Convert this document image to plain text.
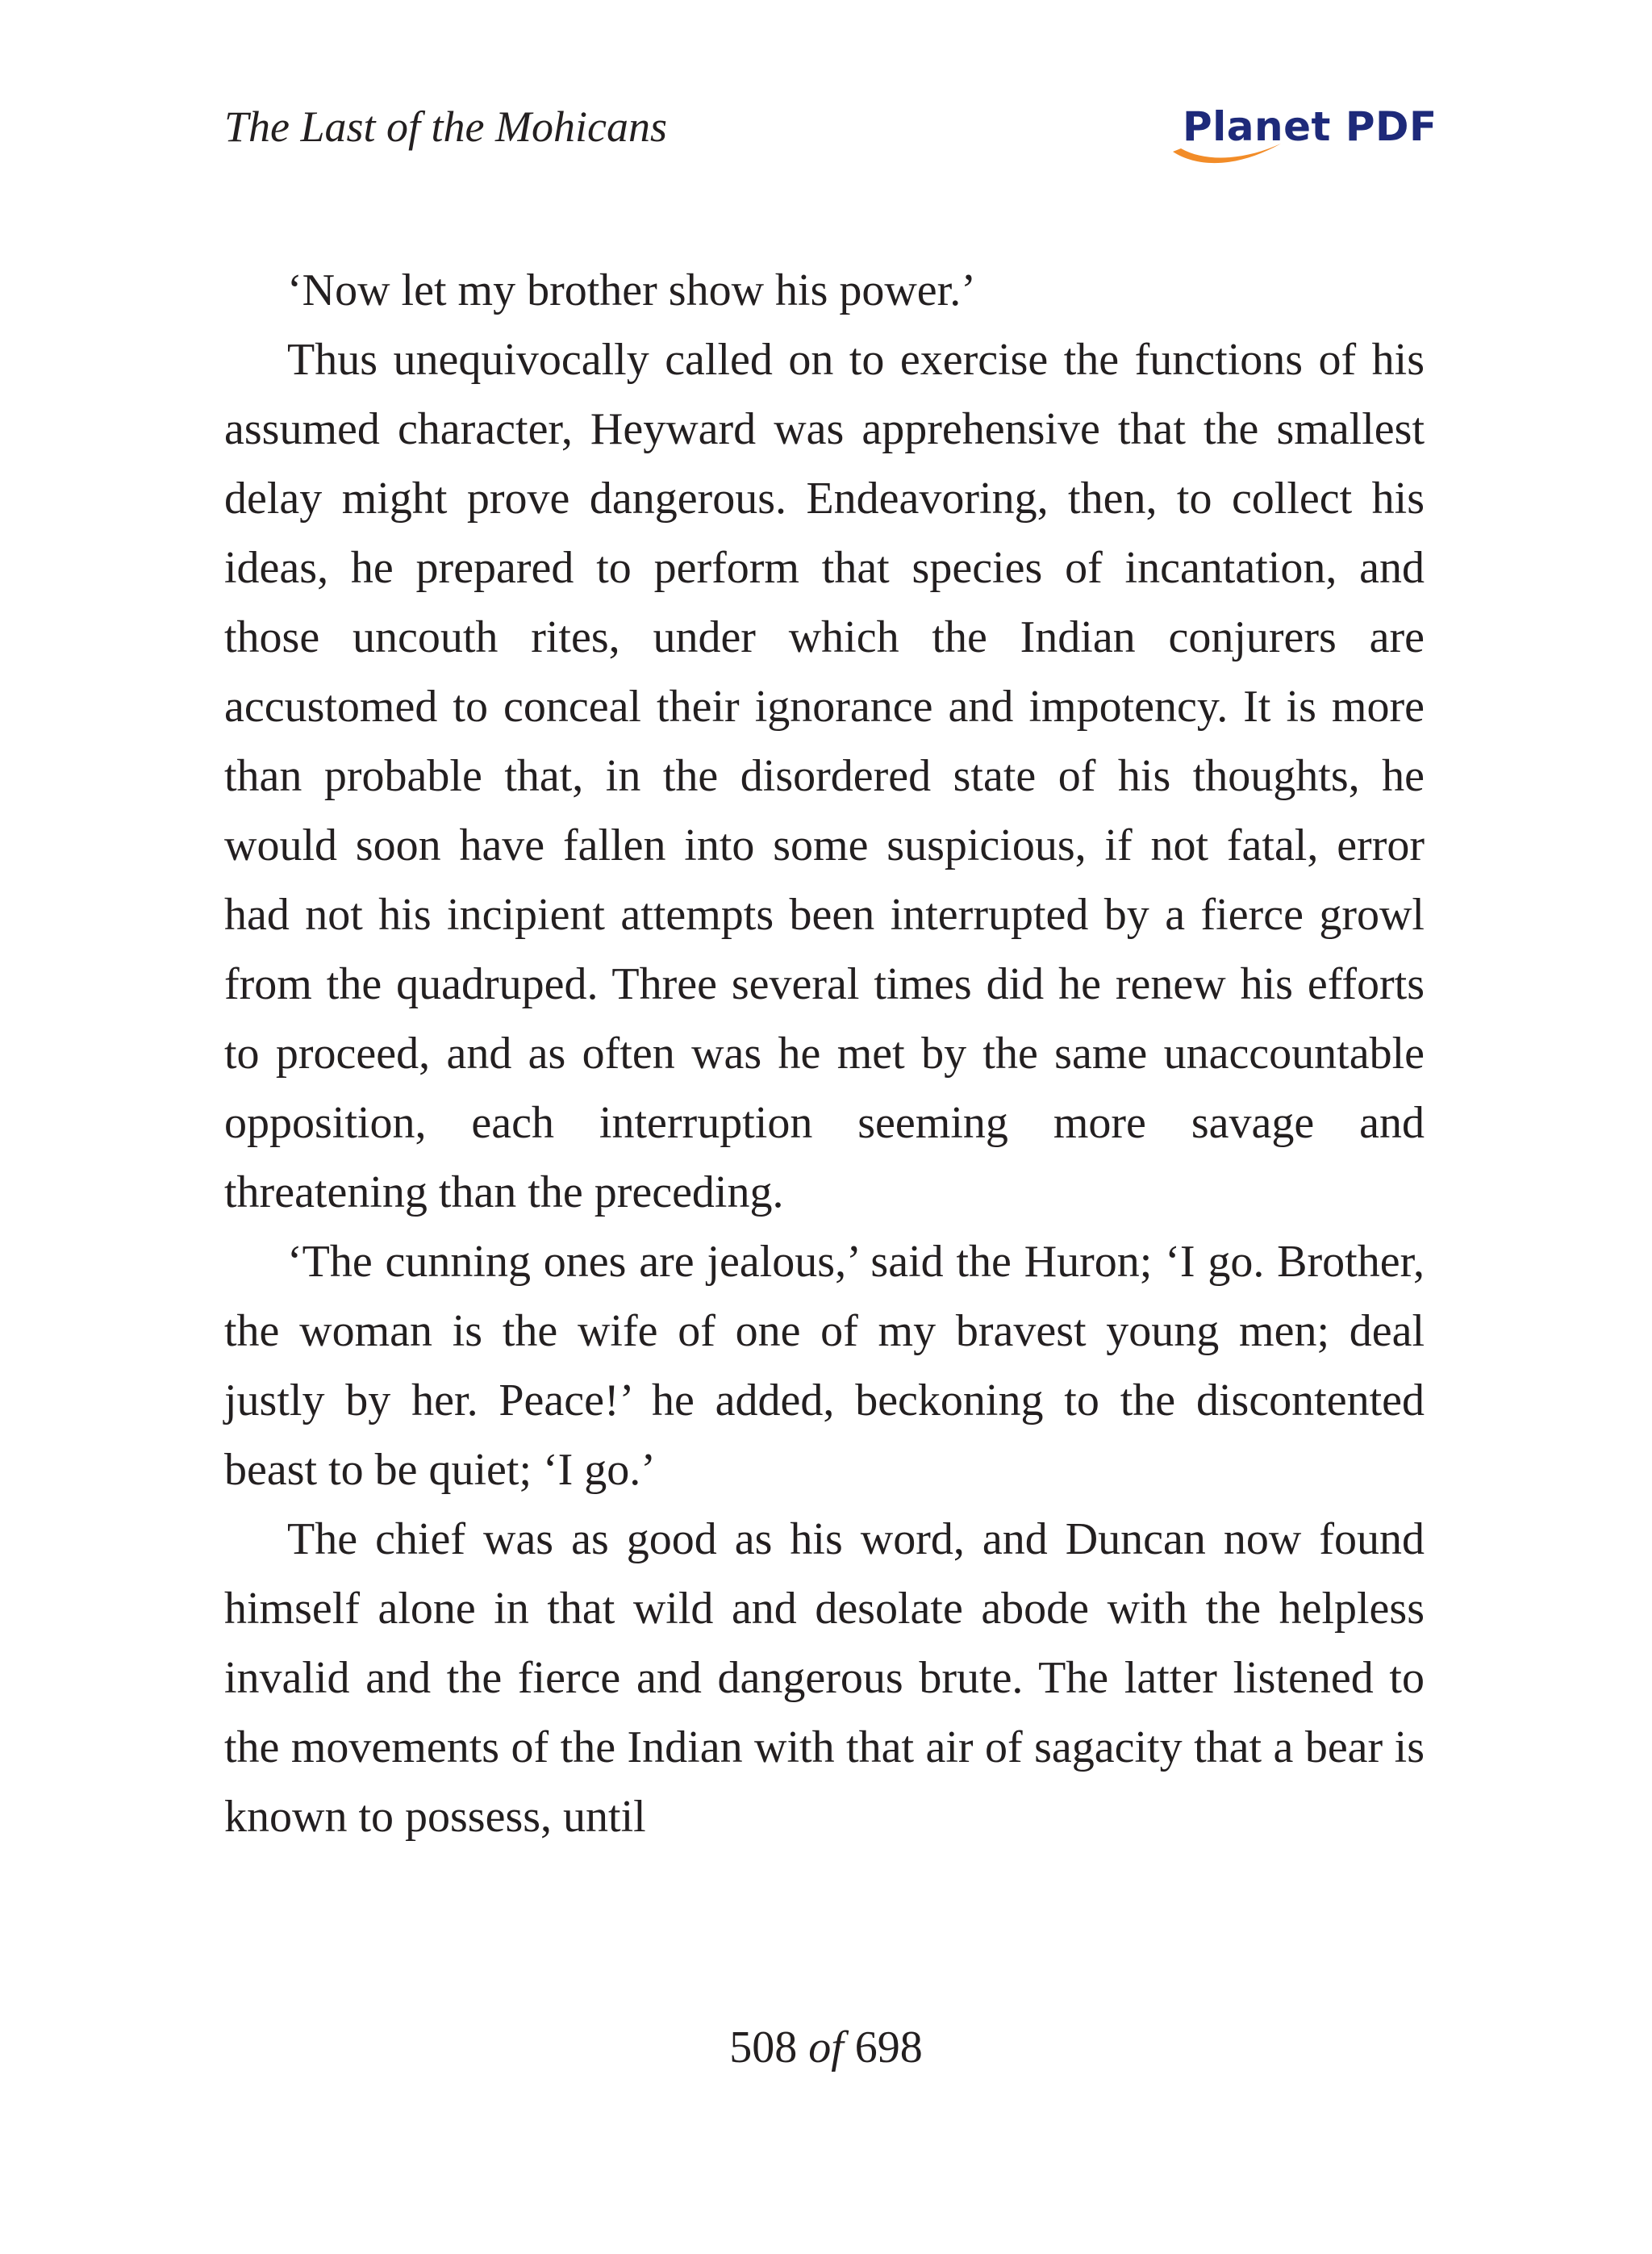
The Last of the Mohicans	Planet PDF

‘Now let my brother show his power.’

Thus unequivocally called on to exercise the functions of his assumed character, Heyward was apprehensive that the smallest delay might prove dangerous. Endeavoring, then, to collect his ideas, he prepared to perform that species of incantation, and those uncouth rites, under which the Indian conjurers are accustomed to conceal their ignorance and impotency. It is more than probable that, in the disordered state of his thoughts, he would soon have fallen into some suspicious, if not fatal, error had not his incipient attempts been interrupted by a fierce growl from the quadruped. Three several times did he renew his efforts to proceed, and as often was he met by the same unaccountable opposition, each interruption seeming more savage and threatening than the preceding.

‘The cunning ones are jealous,’ said the Huron; ‘I go. Brother, the woman is the wife of one of my bravest young men; deal justly by her. Peace!’ he added, beckoning to the discontented beast to be quiet; ‘I go.’

The chief was as good as his word, and Duncan now found himself alone in that wild and desolate abode with the helpless invalid and the fierce and dangerous brute. The latter listened to the movements of the Indian with that air of sagacity that a bear is known to possess, until

508 of 698
